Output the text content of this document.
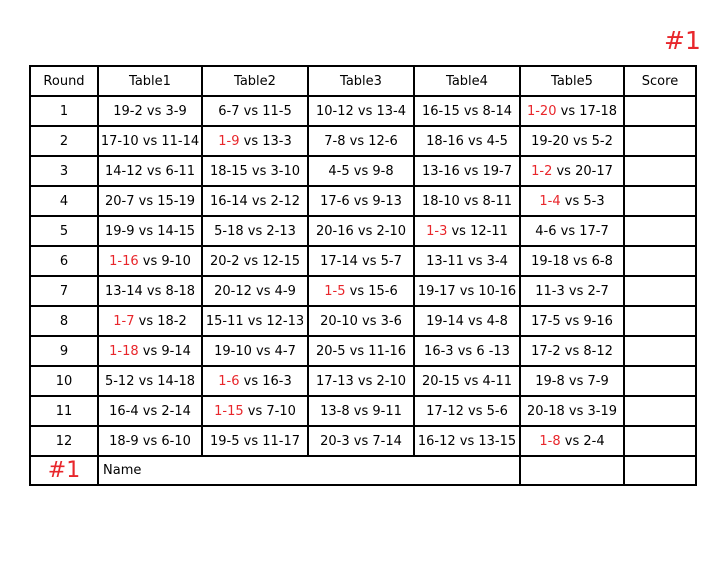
#1
Round	Table1	Table2	Table3	Table4	Table5	Score
1	19-2 vs 3-9	6-7 vs 11-5	10-12 vs 13-4	16-15 vs 8-14	1-20 vs 17-18	
2	17-10 vs 11-14	1-9 vs 13-3	7-8 vs 12-6	18-16 vs 4-5	19-20 vs 5-2	
3	14-12 vs 6-11	18-15 vs 3-10	4-5 vs 9-8	13-16 vs 19-7	1-2 vs 20-17	
4	20-7 vs 15-19	16-14 vs 2-12	17-6 vs 9-13	18-10 vs 8-11	1-4 vs 5-3	
5	19-9 vs 14-15	5-18 vs 2-13	20-16 vs 2-10	1-3 vs 12-11	4-6 vs 17-7	
6	1-16 vs 9-10	20-2 vs 12-15	17-14 vs 5-7	13-11 vs 3-4	19-18 vs 6-8	
7	13-14 vs 8-18	20-12 vs 4-9	1-5 vs 15-6	19-17 vs 10-16	11-3 vs 2-7	
8	1-7 vs 18-2	15-11 vs 12-13	20-10 vs 3-6	19-14 vs 4-8	17-5 vs 9-16	
9	1-18 vs 9-14	19-10 vs 4-7	20-5 vs 11-16	16-3 vs 6 -13	17-2 vs 8-12	
10	5-12 vs 14-18	1-6 vs 16-3	17-13 vs 2-10	20-15 vs 4-11	19-8 vs 7-9	
11	16-4 vs 2-14	1-15 vs 7-10	13-8 vs 9-11	17-12 vs 5-6	20-18 vs 3-19	
12	18-9 vs 6-10	19-5 vs 11-17	20-3 vs 7-14	16-12 vs 13-15	1-8 vs 2-4	
#1	Name					
